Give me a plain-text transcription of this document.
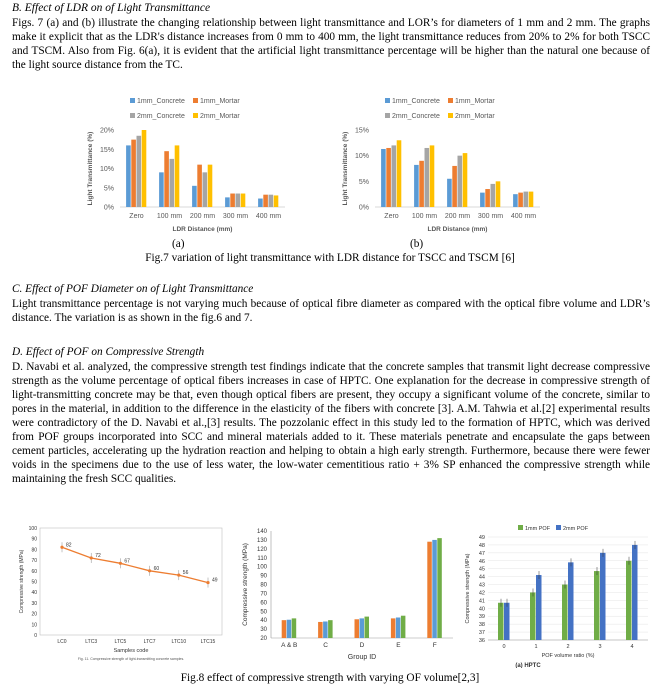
B. Effect of LDR on of Light Transmittance
Figs. 7 (a) and (b) illustrate the changing relationship between light transmittance and LOR’s for diameters of 1 mm and 2 mm. The graphs make it explicit that as the LDR's distance increases from 0 mm to 400 mm, the light transmittance reduces from 20% to 2% for both TSCC and TSCM. Also from Fig. 6(a), it is evident that the artificial light transmittance percentage will be higher than the natural one because of the light source distance from the TC.
1mm_Concrete 1mm_Mortar
2mm_Concrete 2mm_Mortar
0%
5%
10%
15%
20%
Light Transmittance (%)
Zero 100 mm 200 mm 300 mm 400 mm
LDR Distance (mm)
1mm_Concrete 1mm_Mortar
2mm_Concrete 2mm_Mortar
0%
5%
10%
15%
Light Transmittance (%)
Zero 100 mm 200 mm 300 mm 400 mm
LDR Distance (mm)
(a)	(b)
Fig.7 variation of light transmittance with LDR distance for TSCC and TSCM [6]
C. Effect of POF Diameter on of Light Transmittance
Light transmittance percentage is not varying much because of optical fibre diameter as compared with the optical fibre volume and LDR’s distance. The variation is as shown in the fig.6 and 7.
D. Effect of POF on Compressive Strength
D. Navabi et al. analyzed, the compressive strength test findings indicate that the concrete samples that transmit light decrease compressive strength as the volume percentage of optical fibers increases in case of HPTC. One explanation for the decrease in compressive strength of light-transmitting concrete may be that, even though optical fibers are present, they occupy a significant volume of the concrete, similar to pores in the material, in addition to the difference in the elasticity of the fibers with concrete [3]. A.M. Tahwia et al.[2] experimental results were contradictory of the D. Navabi et al.,[3] results. The pozzolanic effect in this study led to the formation of HPTC, which was derived from POF groups incorporated into SCC and mineral materials added to it. These materials penetrate and encapsulate the gaps between cement particles, accelerating up the hydration reaction and helping to obtain a high early strength. Furthermore, because there were fewer voids in the specimens due to the use of less water, the low-water cementitious ratio + 3% SP enhanced the compressive strength while maintaining the fresh SCC qualities.
0
10
20
30
40
50
60
70
80
90
100
Compressive strength (MPa)
82
LC0
72
LTC3
67
LTC5
60
LTC7
56
LTC10
49
LTC15
Samples code
Fig. 11. Compressive strength of light-transmitting concrete samples.
20
30
40
50
60
70
80
90
100
110
120
130
140
Compressive strength (MPa)
A & B	C	D	E	F
Group ID
1mm POF 2mm POF
36
37
38
39
40
41
42
43
44
45
46
47
48
49
Compressive strength (MPa)
0	1	2	3	4
POF volume ratio (%)
(a) HPTC
Fig.8 effect of compressive strength with varying OF volume[2,3]
